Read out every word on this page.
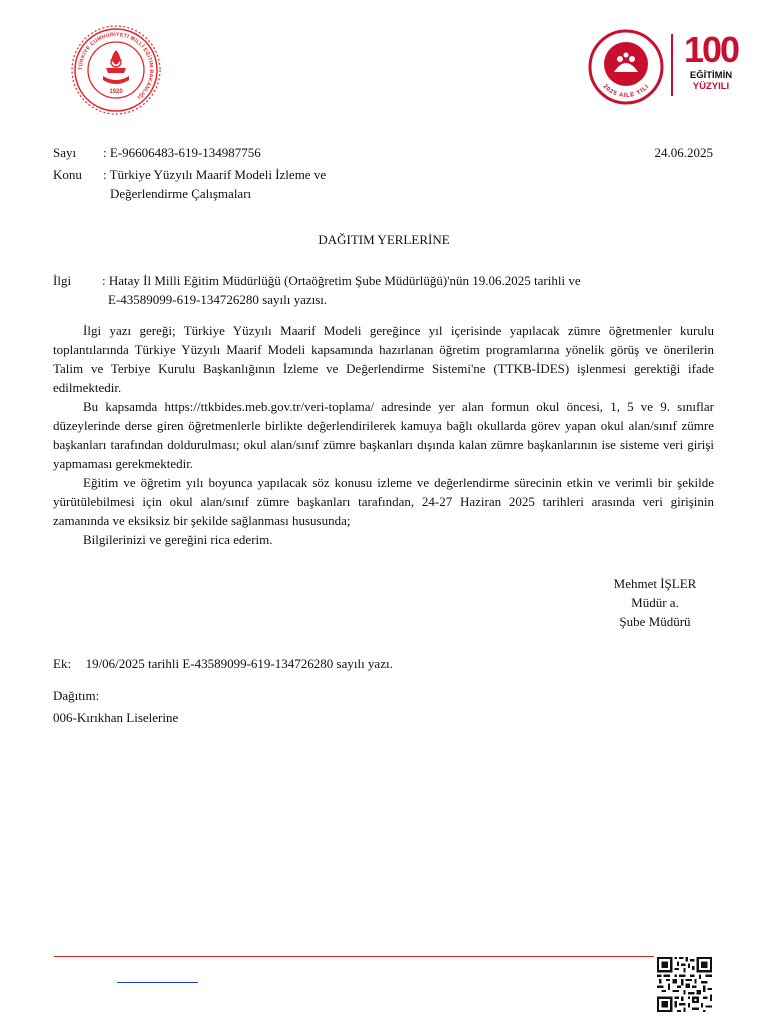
TÜRKİYE CUMHURİYETİ MİLLÎ EĞİTİM BAKANLIĞI
1920
2025 AİLE YILI
100
EĞİTİMİN
YÜZYILI
Sayı	: E-96606483-619-134987756	24.06.2025
Konu	: Türkiye Yüzyılı Maarif Modeli İzleme ve
Değerlendirme Çalışmaları
DAĞITIM YERLERİNE
İlgi	: Hatay İl Milli Eğitim Müdürlüğü (Ortaöğretim Şube Müdürlüğü)'nün 19.06.2025 tarihli ve
E-43589099-619-134726280 sayılı yazısı.

İlgi yazı gereği; Türkiye Yüzyılı Maarif Modeli gereğince yıl içerisinde yapılacak zümre öğretmenler kurulu toplantılarında Türkiye Yüzyılı Maarif Modeli kapsamında hazırlanan öğretim programlarına yönelik görüş ve önerilerin Talim ve Terbiye Kurulu Başkanlığının İzleme ve Değerlendirme Sistemi'ne (TTKB-İDES) işlenmesi gerektiği ifade edilmektedir.

Bu kapsamda https://ttkbides.meb.gov.tr/veri-toplama/ adresinde yer alan formun okul öncesi, 1, 5 ve 9. sınıflar düzeylerinde derse giren öğretmenlerle birlikte değerlendirilerek kamuya bağlı okullarda görev yapan okul alan/sınıf zümre başkanları tarafından doldurulması; okul alan/sınıf zümre başkanları dışında kalan zümre başkanlarının ise sisteme veri girişi yapmaması gerekmektedir.

Eğitim ve öğretim yılı boyunca yapılacak söz konusu izleme ve değerlendirme sürecinin etkin ve verimli bir şekilde yürütülebilmesi için okul alan/sınıf zümre başkanları tarafından, 24-27 Haziran 2025 tarihleri arasında veri girişinin zamanında ve eksiksiz bir şekilde sağlanması hususunda;

Bilgilerinizi ve gereğini rica ederim.

Mehmet İŞLER
Müdür a.
Şube Müdürü
Ek: 19/06/2025 tarihli E-43589099-619-134726280 sayılı yazı.
Dağıtım:
006-Kırıkhan Liselerine
